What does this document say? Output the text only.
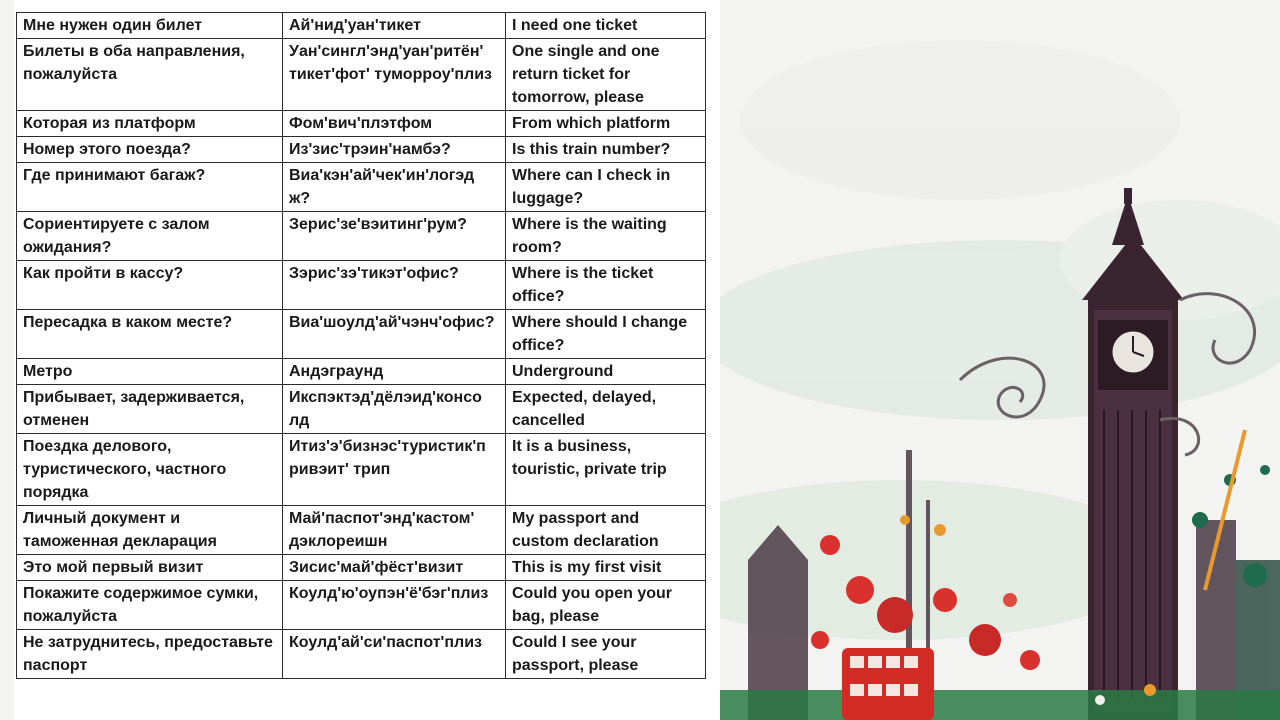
Мне нужен один билет	Ай'нид'уан'тикет	I need one ticket
Билеты в оба направления, пожалуйста	Уан'сингл'энд'уан'ритён' тикет'фот' туморроу'плиз	One single and one return ticket for tomorrow, please
Которая из платформ	Фом'вич'плэтфом	From which platform
Номер этого поезда?	Из'зис'трэин'намбэ?	Is this train number?
Где принимают багаж?	Виа'кэн'ай'чек'ин'логэд ж?	Where can I check in luggage?
Сориентируете с залом ожидания?	Зерис'зе'вэитинг'рум?	Where is the waiting room?
Как пройти в кассу?	Зэрис'зэ'тикэт'офис?	Where is the ticket office?
Пересадка в каком месте?	Виа'шоулд'ай'чэнч'офис?	Where should I change office?
Метро	Андэграунд	Underground
Прибывает, задерживается, отменен	Икспэктэд'дёлэид'консо лд	Expected, delayed, cancelled
Поездка делового, туристического, частного порядка	Итиз'э'бизнэс'туристик'п ривэит' трип	It is a business, touristic, private trip
Личный документ и таможенная декларация	Май'паспот'энд'кастом' дэклореишн	My passport and custom declaration
Это мой первый визит	Зисис'май'фёст'визит	This is my first visit
Покажите содержимое сумки, пожалуйста	Коулд'ю'оупэн'ё'бэг'плиз	Could you open your bag, please
Не затруднитесь, предоставьте паспорт	Коулд'ай'си'паспот'плиз	Could I see your passport, please
